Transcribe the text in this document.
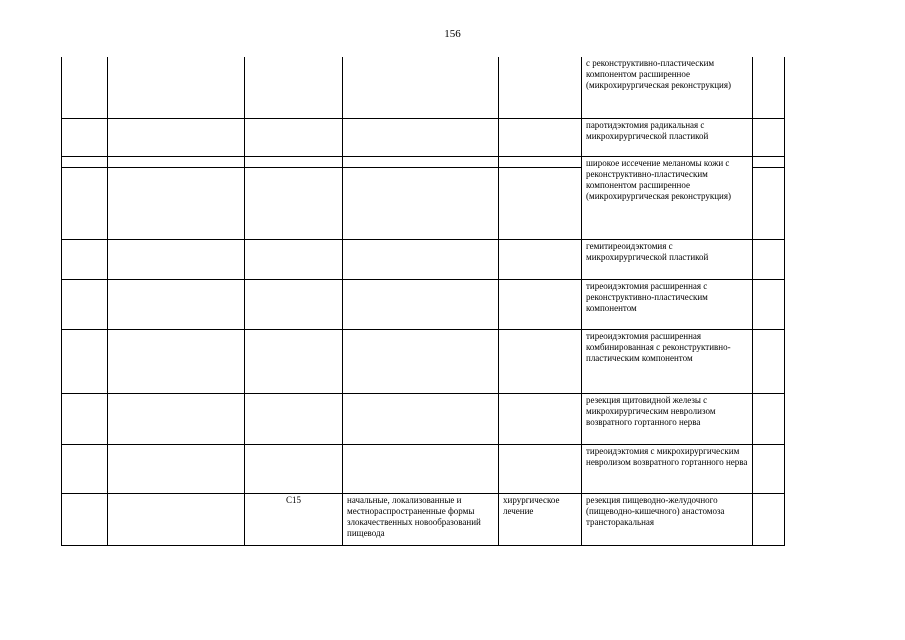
156
					с реконструктивно-пластическим компонентом расширенное (микрохирургическая реконструкция)	
					паротидэктомия радикальная с микрохирургической пластикой	
					широкое иссечение меланомы кожи с реконструктивно-пластическим компонентом расширенное (микрохирургическая реконструкция)	

					гемитиреоидэктомия с микрохирургической пластикой	
					тиреоидэктомия расширенная с реконструктивно-пластическим компонентом	
					тиреоидэктомия расширенная комбинированная с реконструктивно-пластическим компонентом	
					резекция щитовидной железы с микрохирургическим невролизом возвратного гортанного нерва	
					тиреоидэктомия с микрохирургическим невролизом возвратного гортанного нерва	
		C15	начальные, локализованные и местнораспространенные формы злокачественных новообразований пищевода	хирургическое лечение	резекция пищеводно-желудочного (пищеводно-кишечного) анастомоза трансторакальная	
